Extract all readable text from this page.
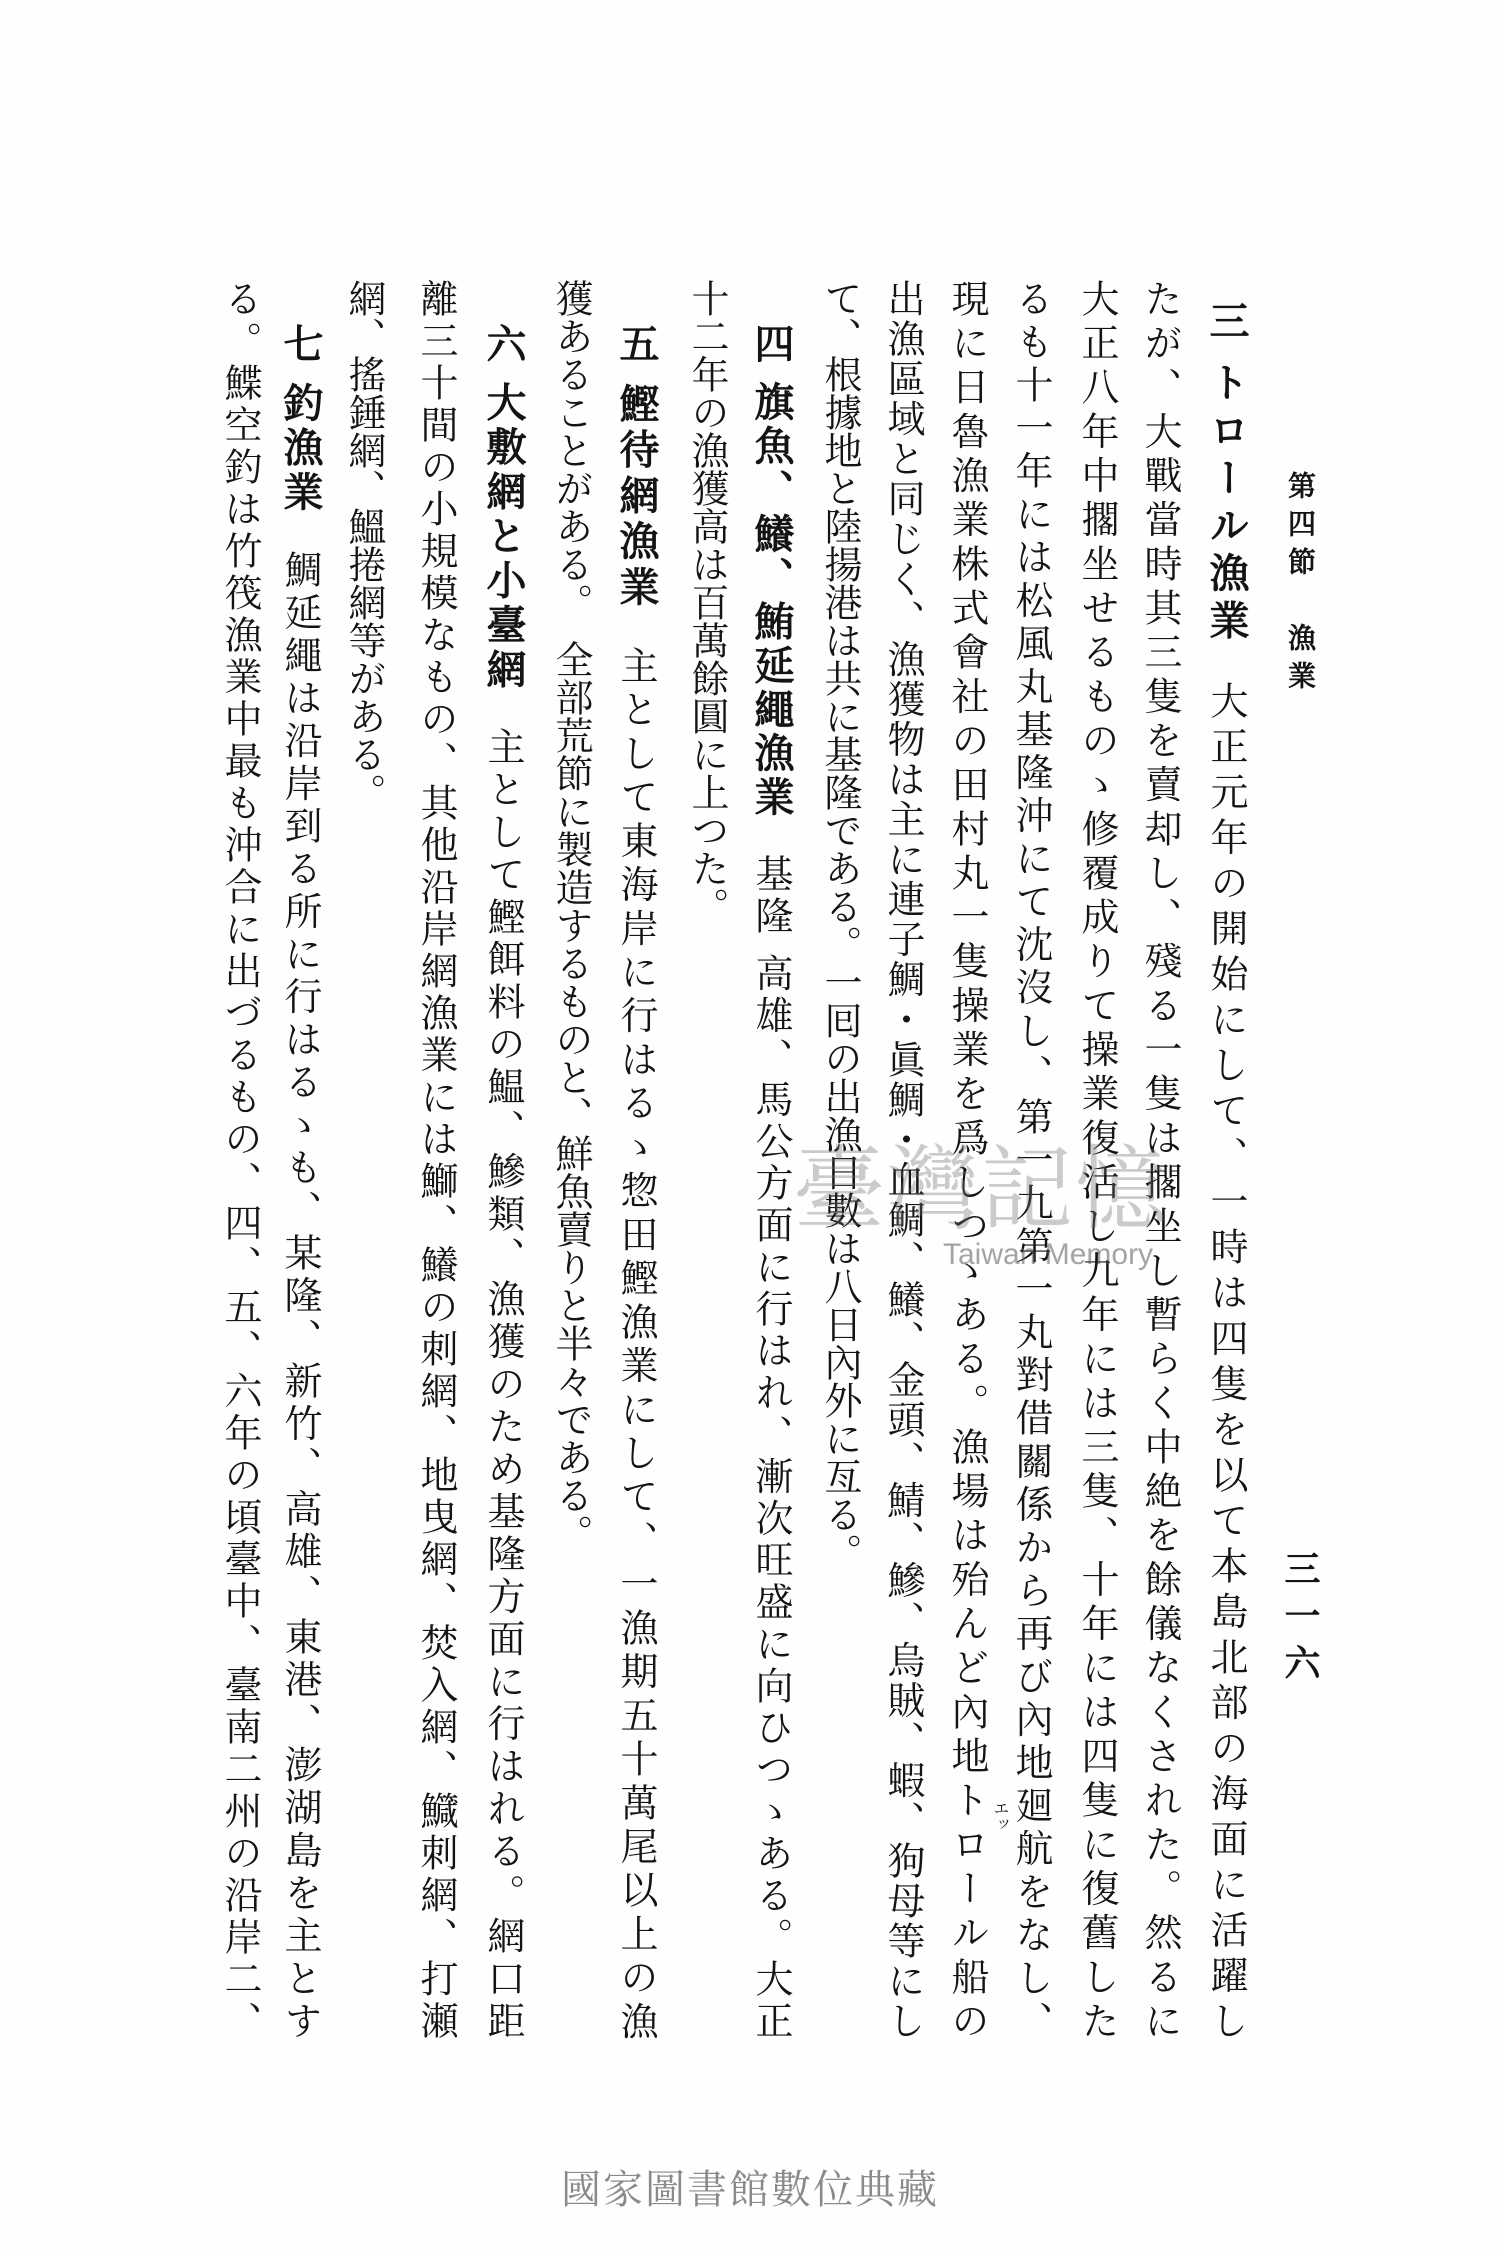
第四節　漁業
三一六
三トロール漁業大正元年の開始にして、一時は四隻を以て本島北部の海面に活躍し
たが、大戰當時其三隻を賣却し、殘る一隻は擱坐し暫らく中絶を餘儀なくされた。然るに
大正八年中擱坐せるものゝ修覆成りて操業復活し九年には三隻、十年には四隻に復舊した
るも十一年には松風丸基隆沖にて沈沒し、第一九第一丸對借關係から再び內地廻航をなし、
エッ
現に日魯漁業株式會社の田村丸一隻操業を爲しつゝある。漁場は殆んど內地トロール船の
出漁區域と同じく、漁獲物は主に連子鯛・眞鯛・血鯛、鱶、金頭、鯖、鰺、烏賊、蝦、狗母等にし
て、根據地と陸揚港は共に基隆である。一囘の出漁日數は八日內外に亙る。
四旗魚、鱶、鮪延繩漁業基隆 高雄、馬公方面に行はれ、漸次旺盛に向ひつゝある。大正
十二年の漁獲高は百萬餘圓に上つた。
五鰹待網漁業主として東海岸に行はるゝ惣田鰹漁業にして、一漁期五十萬尾以上の漁
獲あることがある。　全部荒節に製造するものと、鮮魚賣りと半々である。
六大敷網と小臺網主として鰹餌料の鰛、鰺類、漁獲のため基隆方面に行はれる。網口距
離三十間の小規模なもの、其他沿岸網漁業には鰤、鱶の刺網、地曳網、焚入網、鱵刺網、打瀬
網、搖錘網、鰮捲網等がある。
七釣漁業鯛延繩は沿岸到る所に行はるゝも、某隆、新竹、高雄、東港、澎湖島を主とす
る。鰈空釣は竹筏漁業中最も沖合に出づるもの、四、五、六年の頃臺中、臺南二州の沿岸二、	臺灣記憶
Taiwan Memory
國家圖書館數位典藏
